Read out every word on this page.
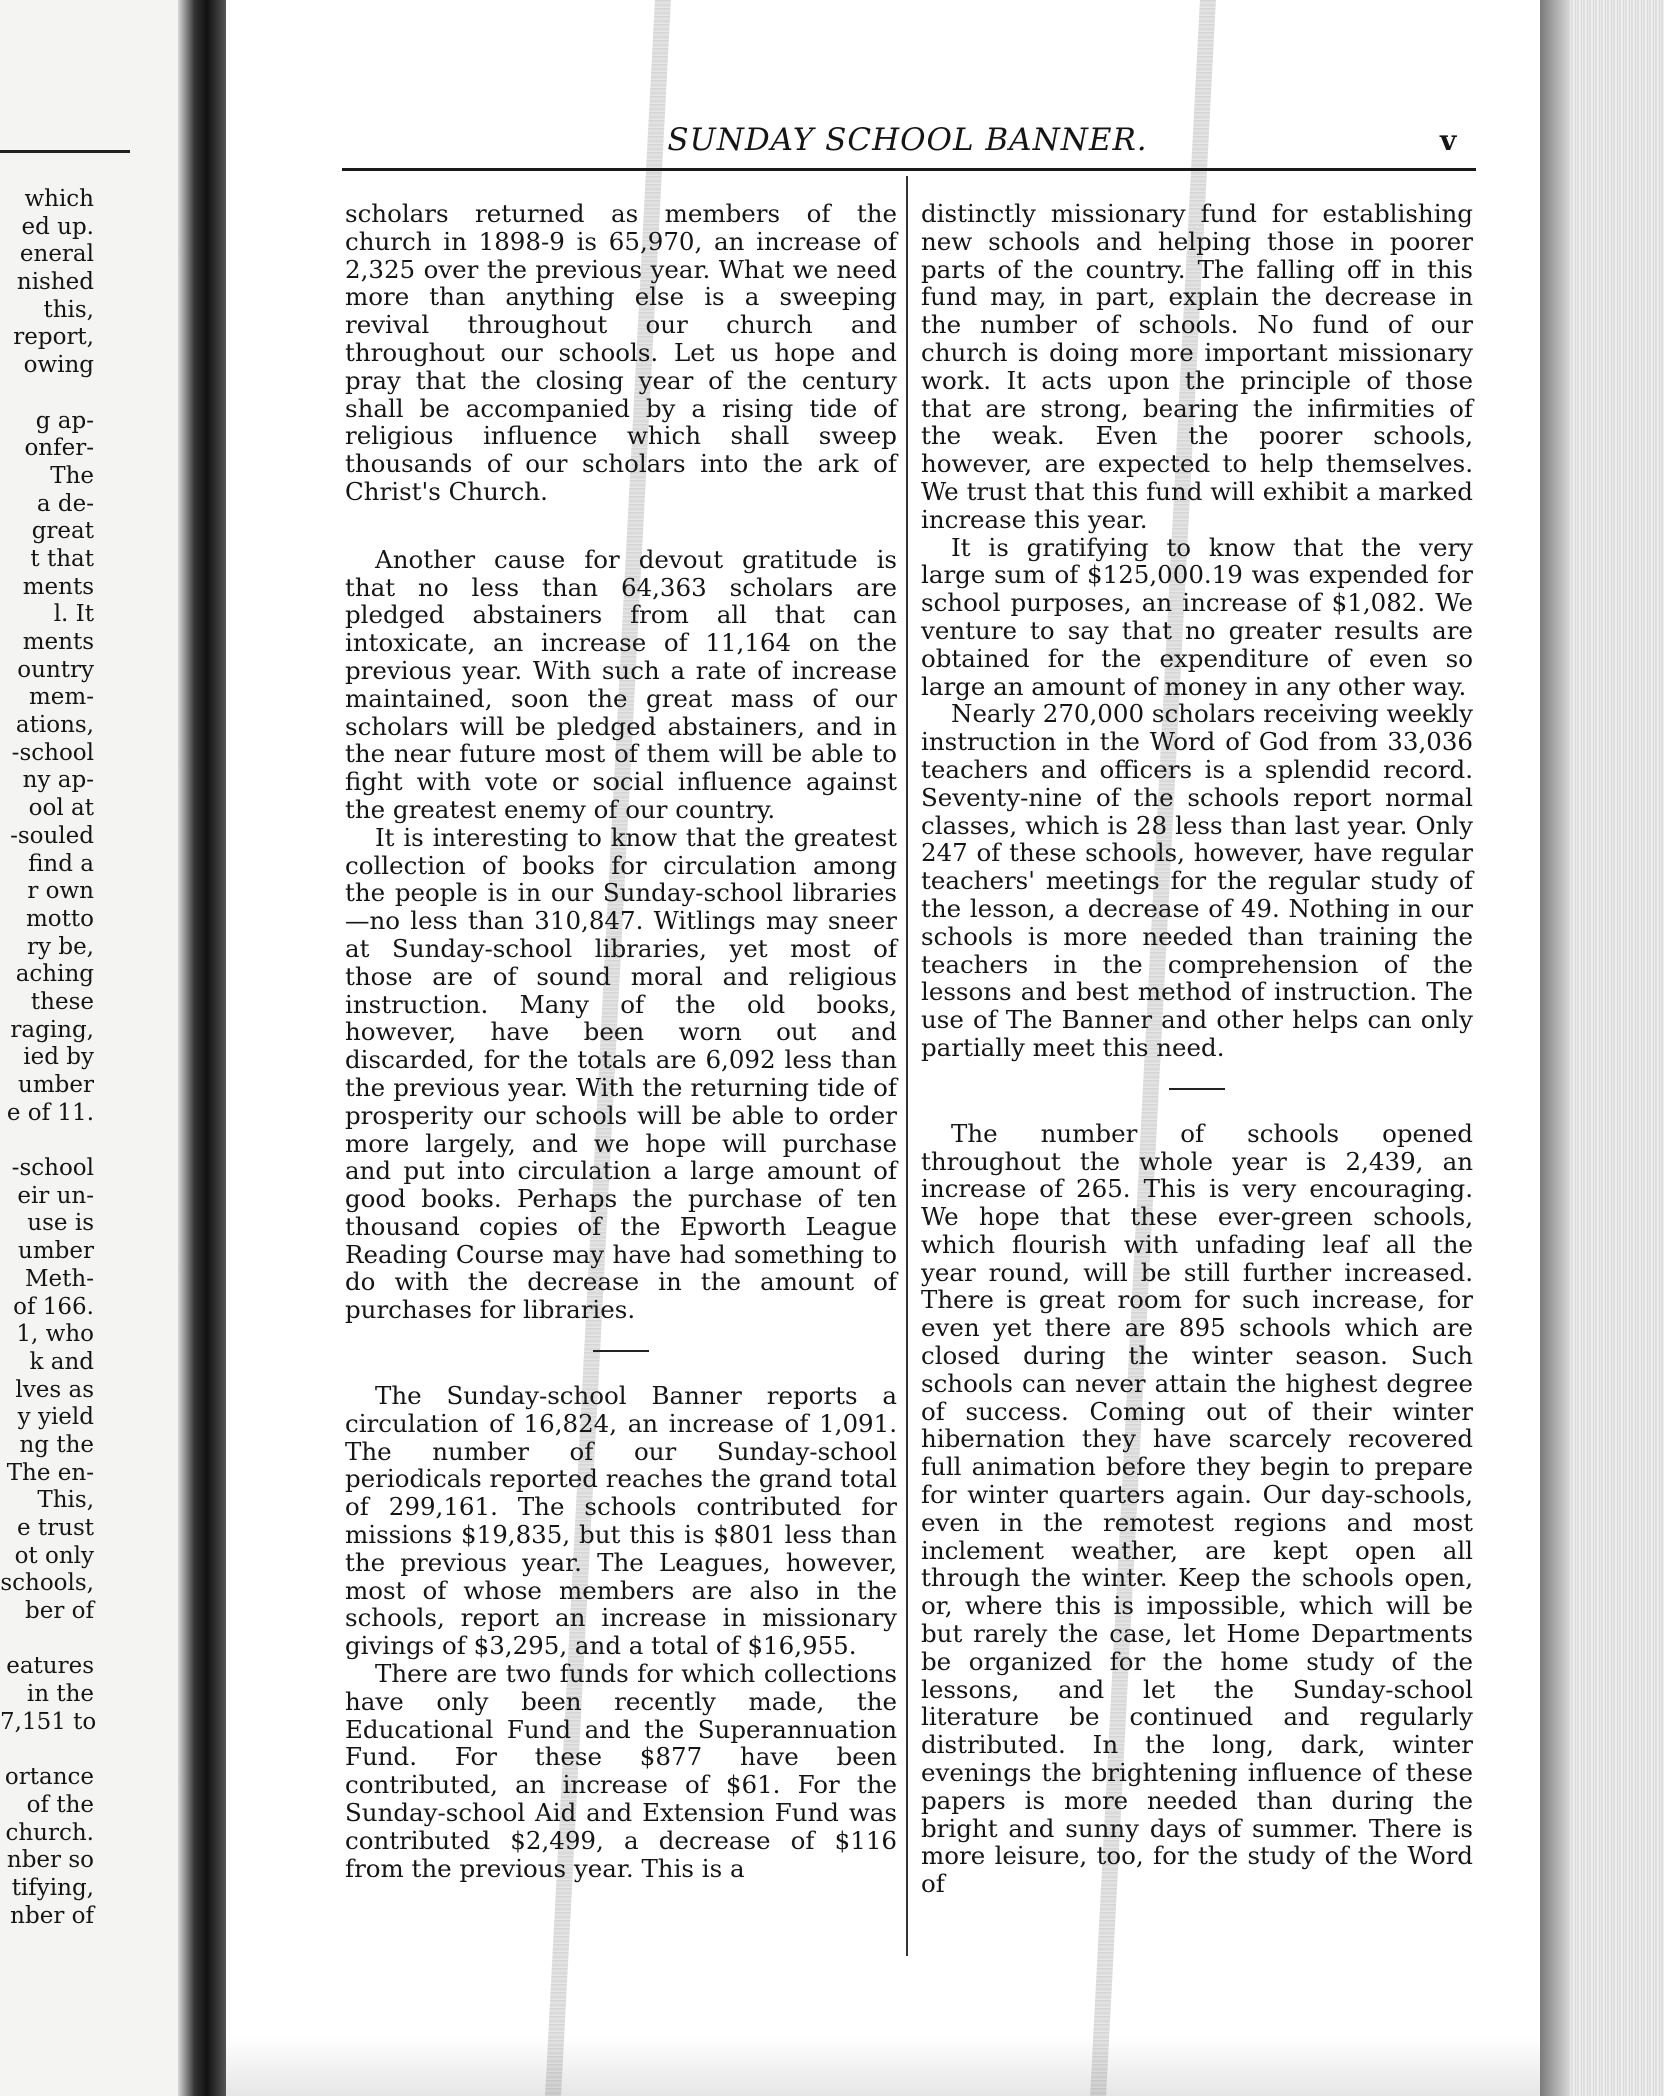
which
ed up.
eneral
nished
this,
report,
owing
g ap-
onfer-
The
a de-
great
t that
ments
l. It
ments
ountry
mem-
ations,
-school
ny ap-
ool at
-souled
find a
r own
motto
ry be,
aching
these
raging,
ied by
umber
e of 11.
-school
eir un-
use is
umber
Meth-
of 166.
1, who
k and
lves as
y yield
ng the
The en-
This,
e trust
ot only
schools,
ber of
eatures
in the
7,151 to
ortance
of the
church.
nber so
tifying,
nber of
SUNDAY SCHOOL BANNER.	v

scholars returned as members of the church in 1898-9 is 65,970, an increase of 2,325 over the previous year. What we need more than anything else is a sweeping revival throughout our church and throughout our schools. Let us hope and pray that the closing year of the century shall be accompanied by a rising tide of religious influence which shall sweep thousands of our scholars into the ark of Christ's Church.

Another cause for devout gratitude is that no less than 64,363 scholars are pledged abstainers from all that can intoxicate, an increase of 11,164 on the previous year. With such a rate of increase maintained, soon the great mass of our scholars will be pledged abstainers, and in the near future most of them will be able to fight with vote or social influence against the greatest enemy of our country.

It is interesting to know that the greatest collection of books for circulation among the people is in our Sunday-school libraries—no less than 310,847. Witlings may sneer at Sunday-school libraries, yet most of those are of sound moral and religious instruction. Many of the old books, however, have been worn out and discarded, for the totals are 6,092 less than the previous year. With the returning tide of prosperity our schools will be able to order more largely, and we hope will purchase and put into circulation a large amount of good books. Perhaps the purchase of ten thousand copies of the Epworth League Reading Course may have had something to do with the decrease in the amount of purchases for libraries.

The Sunday-school Banner reports a circulation of 16,824, an increase of 1,091. The number of our Sunday-school periodicals reported reaches the grand total of 299,161. The schools contributed for missions $19,835, but this is $801 less than the previous year. The Leagues, however, most of whose members are also in the schools, report an increase in missionary givings of $3,295, and a total of $16,955.

There are two funds for which collections have only been recently made, the Educational Fund and the Superannuation Fund. For these $877 have been contributed, an increase of $61. For the Sunday-school Aid and Extension Fund was contributed $2,499, a decrease of $116 from the previous year. This is a

distinctly missionary fund for establishing new schools and helping those in poorer parts of the country. The falling off in this fund may, in part, explain the decrease in the number of schools. No fund of our church is doing more important missionary work. It acts upon the principle of those that are strong, bearing the infirmities of the weak. Even the poorer schools, however, are expected to help themselves. We trust that this fund will exhibit a marked increase this year.

It is gratifying to know that the very large sum of $125,000.19 was expended for school purposes, an increase of $1,082. We venture to say that no greater results are obtained for the expenditure of even so large an amount of money in any other way.

Nearly 270,000 scholars receiving weekly instruction in the Word of God from 33,036 teachers and officers is a splendid record. Seventy-nine of the schools report normal classes, which is 28 less than last year. Only 247 of these schools, however, have regular teachers' meetings for the regular study of the lesson, a decrease of 49. Nothing in our schools is more needed than training the teachers in the comprehension of the lessons and best method of instruction. The use of The Banner and other helps can only partially meet this need.

The number of schools opened throughout the whole year is 2,439, an increase of 265. This is very encouraging. We hope that these ever-green schools, which flourish with unfading leaf all the year round, will be still further increased. There is great room for such increase, for even yet there are 895 schools which are closed during the winter season. Such schools can never attain the highest degree of success. Coming out of their winter hibernation they have scarcely recovered full animation before they begin to prepare for winter quarters again. Our day-schools, even in the remotest regions and most inclement weather, are kept open all through the winter. Keep the schools open, or, where this is impossible, which will be but rarely the case, let Home Departments be organized for the home study of the lessons, and let the Sunday-school literature be continued and regularly distributed. In the long, dark, winter evenings the brightening influence of these papers is more needed than during the bright and sunny days of summer. There is more leisure, too, for the study of the Word of
